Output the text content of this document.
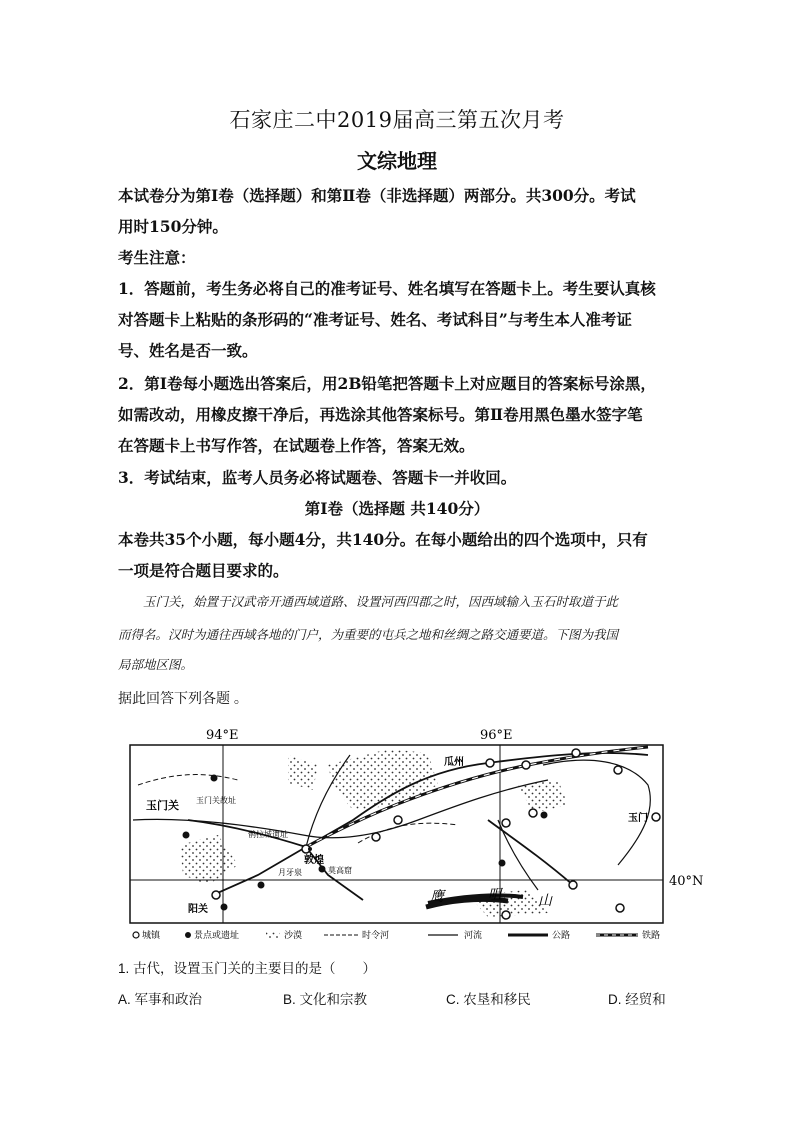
石家庄二中2019届高三第五次月考
文综地理
本试卷分为第Ⅰ卷（选择题）和第Ⅱ卷（非选择题）两部分。共300分。考试
用时150分钟。
考生注意：
1．答题前，考生务必将自己的准考证号、姓名填写在答题卡上。考生要认真核
对答题卡上粘贴的条形码的“准考证号、姓名、考试科目”与考生本人准考证
号、姓名是否一致。
2．第Ⅰ卷每小题选出答案后，用2B铅笔把答题卡上对应题目的答案标号涂黑，
如需改动，用橡皮擦干净后，再选涂其他答案标号。第Ⅱ卷用黑色墨水签字笔
在答题卡上书写作答，在试题卷上作答，答案无效。
3．考试结束，监考人员务必将试题卷、答题卡一并收回。
第Ⅰ卷（选择题 共140分）
本卷共35个小题，每小题4分，共140分。在每小题给出的四个选项中，只有
一项是符合题目要求的。
玉门关，始置于汉武帝开通西域道路、设置河西四郡之时，因西域输入玉石时取道于此
而得名。汉时为通往西域各地的门户，为重要的屯兵之地和丝绸之路交通要道。下图为我国
局部地区图。
据此回答下列各题 。
94°E	96°E
40°N
玉门关 玉门关故址
鹘拉城遗址
敦煌
月牙泉	莫高窟
阳关
瓜州
玉门
鹰	咀	山
城镇	景点或遗址	沙漠	时令河	河流	公路	铁路
1. 古代，设置玉门关的主要目的是（　　）
A. 军事和政治	B. 文化和宗教	C. 农垦和移民	D. 经贸和
